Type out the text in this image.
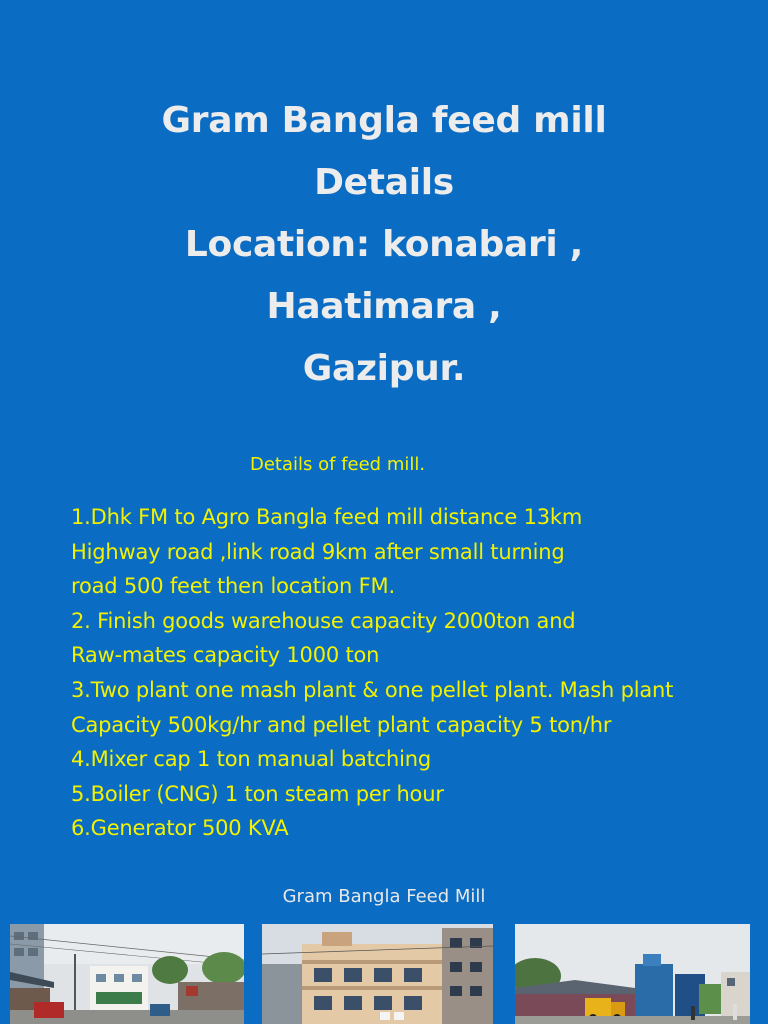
Gram Bangla feed mill
Details
Location: konabari ,
Haatimara ,
Gazipur.
Details of feed mill.
1.Dhk FM to Agro Bangla feed mill distance 13km
Highway road ,link road 9km after small turning
road 500 feet then location FM.
2. Finish goods warehouse capacity 2000ton and
Raw-mates capacity 1000 ton
3.Two plant one mash plant & one pellet plant. Mash plant
Capacity 500kg/hr and pellet plant capacity 5 ton/hr
4.Mixer cap 1 ton manual batching
5.Boiler (CNG) 1 ton steam per hour
6.Generator 500 KVA
Gram Bangla Feed Mill
